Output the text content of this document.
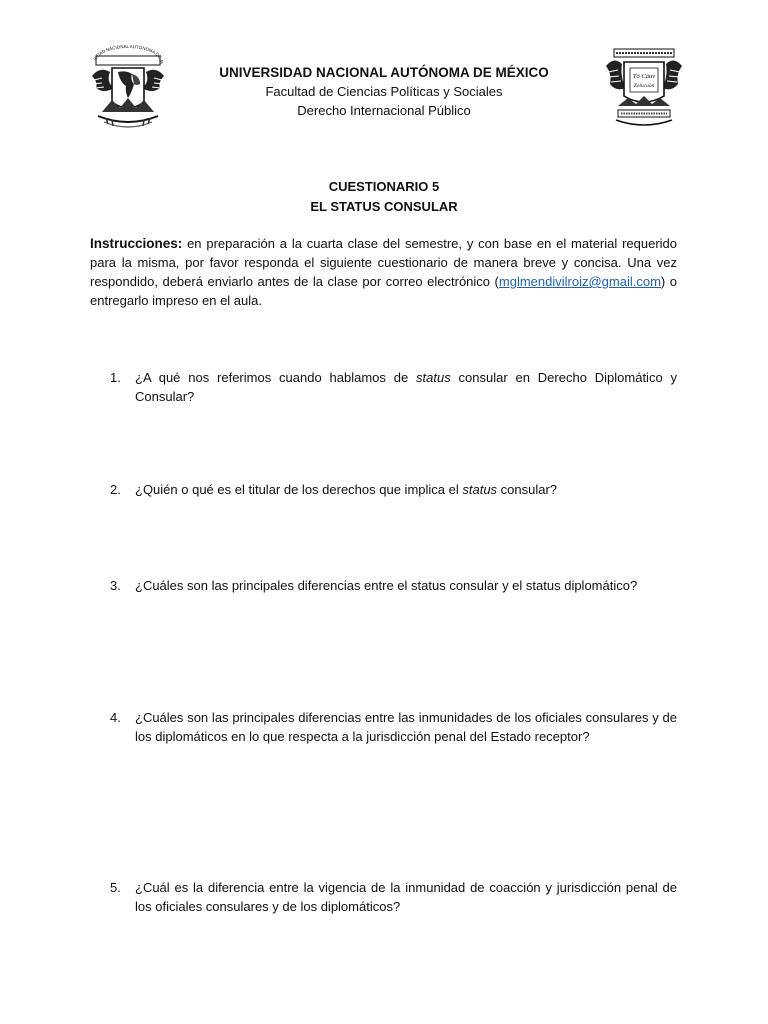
SIDAD NACIONAL AUTÓNOMA DE M
UNIVERSIDAD NACIONAL AUTÓNOMA DE MÉXICO
Facultad de Ciencias Políticas y Sociales
Derecho Internacional Público
Tō Cāuv
Zolucaōn
CUESTIONARIO 5
EL STATUS CONSULAR
Instrucciones: en preparación a la cuarta clase del semestre, y con base en el material requerido para la misma, por favor responda el siguiente cuestionario de manera breve y concisa. Una vez respondido, deberá enviarlo antes de la clase por correo electrónico (mglmendivilroiz@gmail.com) o entregarlo impreso en el aula.
1.	¿A qué nos referimos cuando hablamos de status consular en Derecho Diplomático y Consular?
2.	¿Quién o qué es el titular de los derechos que implica el status consular?
3.	¿Cuáles son las principales diferencias entre el status consular y el status diplomático?
4.	¿Cuáles son las principales diferencias entre las inmunidades de los oficiales consulares y de los diplomáticos en lo que respecta a la jurisdicción penal del Estado receptor?
5.	¿Cuál es la diferencia entre la vigencia de la inmunidad de coacción y jurisdicción penal de los oficiales consulares y de los diplomáticos?
